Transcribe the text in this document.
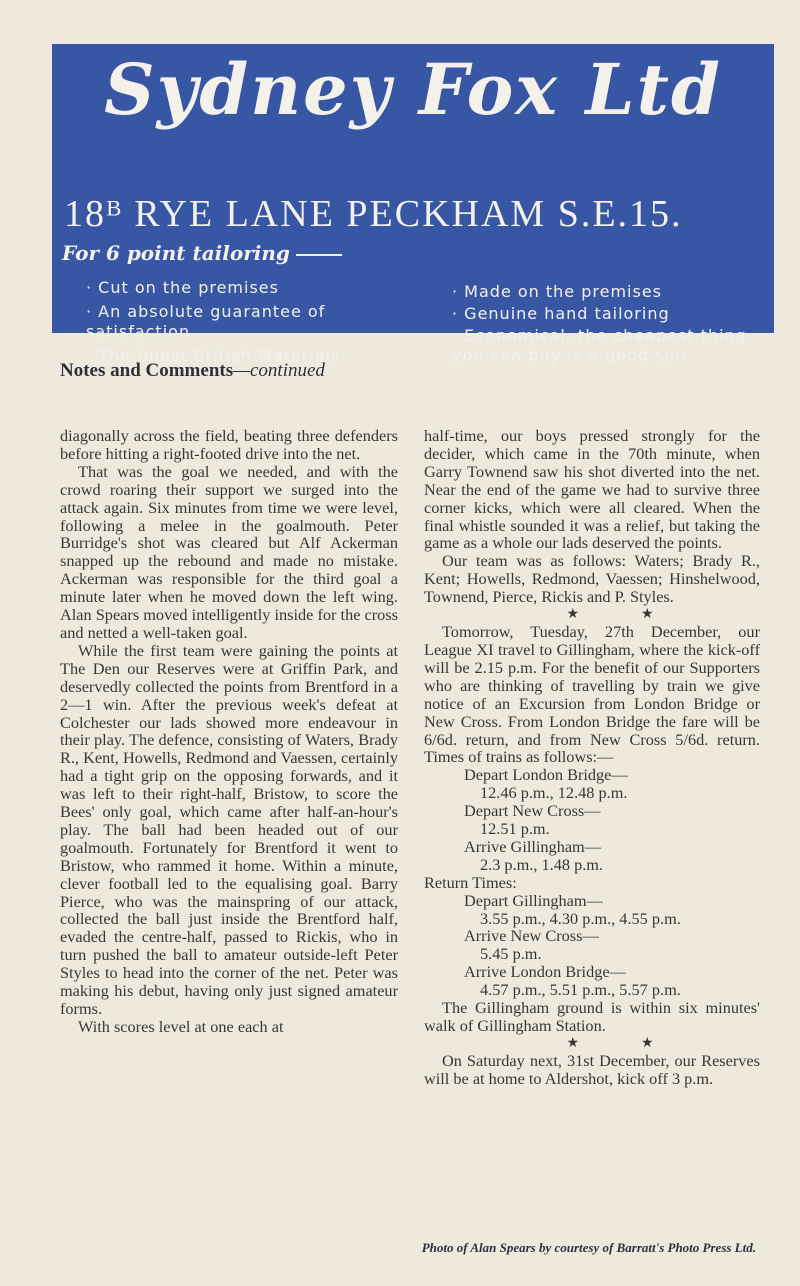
Sydney Fox Ltd
18ᴮ RYE LANE PECKHAM S.E.15.
For 6 point tailoring
· Cut on the premises
· An absolute guarantee of satisfaction
· The finest British Materials
· Made on the premises
· Genuine hand tailoring
· Economical, the cheapest thing you can buy is a good suit
Notes and Comments—continued

diagonally across the field, beating three defenders before hitting a right-footed drive into the net.

That was the goal we needed, and with the crowd roaring their support we surged into the attack again. Six minutes from time we were level, following a melee in the goalmouth. Peter Burridge's shot was cleared but Alf Ackerman snapped up the rebound and made no mistake. Ackerman was responsible for the third goal a minute later when he moved down the left wing. Alan Spears moved intelligently inside for the cross and netted a well-taken goal.

While the first team were gaining the points at The Den our Reserves were at Griffin Park, and deservedly collected the points from Brentford in a 2—1 win. After the previous week's defeat at Colchester our lads showed more endeavour in their play. The defence, consisting of Waters, Brady R., Kent, Howells, Redmond and Vaessen, certainly had a tight grip on the opposing forwards, and it was left to their right-half, Bristow, to score the Bees' only goal, which came after half-an-hour's play. The ball had been headed out of our goalmouth. Fortunately for Brentford it went to Bristow, who rammed it home. Within a minute, clever football led to the equalising goal. Barry Pierce, who was the mainspring of our attack, collected the ball just inside the Brentford half, evaded the centre-half, passed to Rickis, who in turn pushed the ball to amateur outside-left Peter Styles to head into the corner of the net. Peter was making his debut, having only just signed amateur forms.

With scores level at one each at

half-time, our boys pressed strongly for the decider, which came in the 70th minute, when Garry Townend saw his shot diverted into the net. Near the end of the game we had to survive three corner kicks, which were all cleared. When the final whistle sounded it was a relief, but taking the game as a whole our lads deserved the points.

Our team was as follows: Waters; Brady R., Kent; Howells, Redmond, Vaessen; Hinshelwood, Townend, Pierce, Rickis and P. Styles.

★	★

Tomorrow, Tuesday, 27th December, our League XI travel to Gillingham, where the kick-off will be 2.15 p.m. For the benefit of our Supporters who are thinking of travelling by train we give notice of an Excursion from London Bridge or New Cross. From London Bridge the fare will be 6/6d. return, and from New Cross 5/6d. return. Times of trains as follows:—

Depart London Bridge—
12.46 p.m., 12.48 p.m.
Depart New Cross—
12.51 p.m.
Arrive Gillingham—
2.3 p.m., 1.48 p.m.
Return Times:
Depart Gillingham—
3.55 p.m., 4.30 p.m., 4.55 p.m.
Arrive New Cross—
5.45 p.m.
Arrive London Bridge—
4.57 p.m., 5.51 p.m., 5.57 p.m.

The Gillingham ground is within six minutes' walk of Gillingham Station.

★	★

On Saturday next, 31st December, our Reserves will be at home to Aldershot, kick off 3 p.m.

Photo of Alan Spears by courtesy of Barratt's Photo Press Ltd.
